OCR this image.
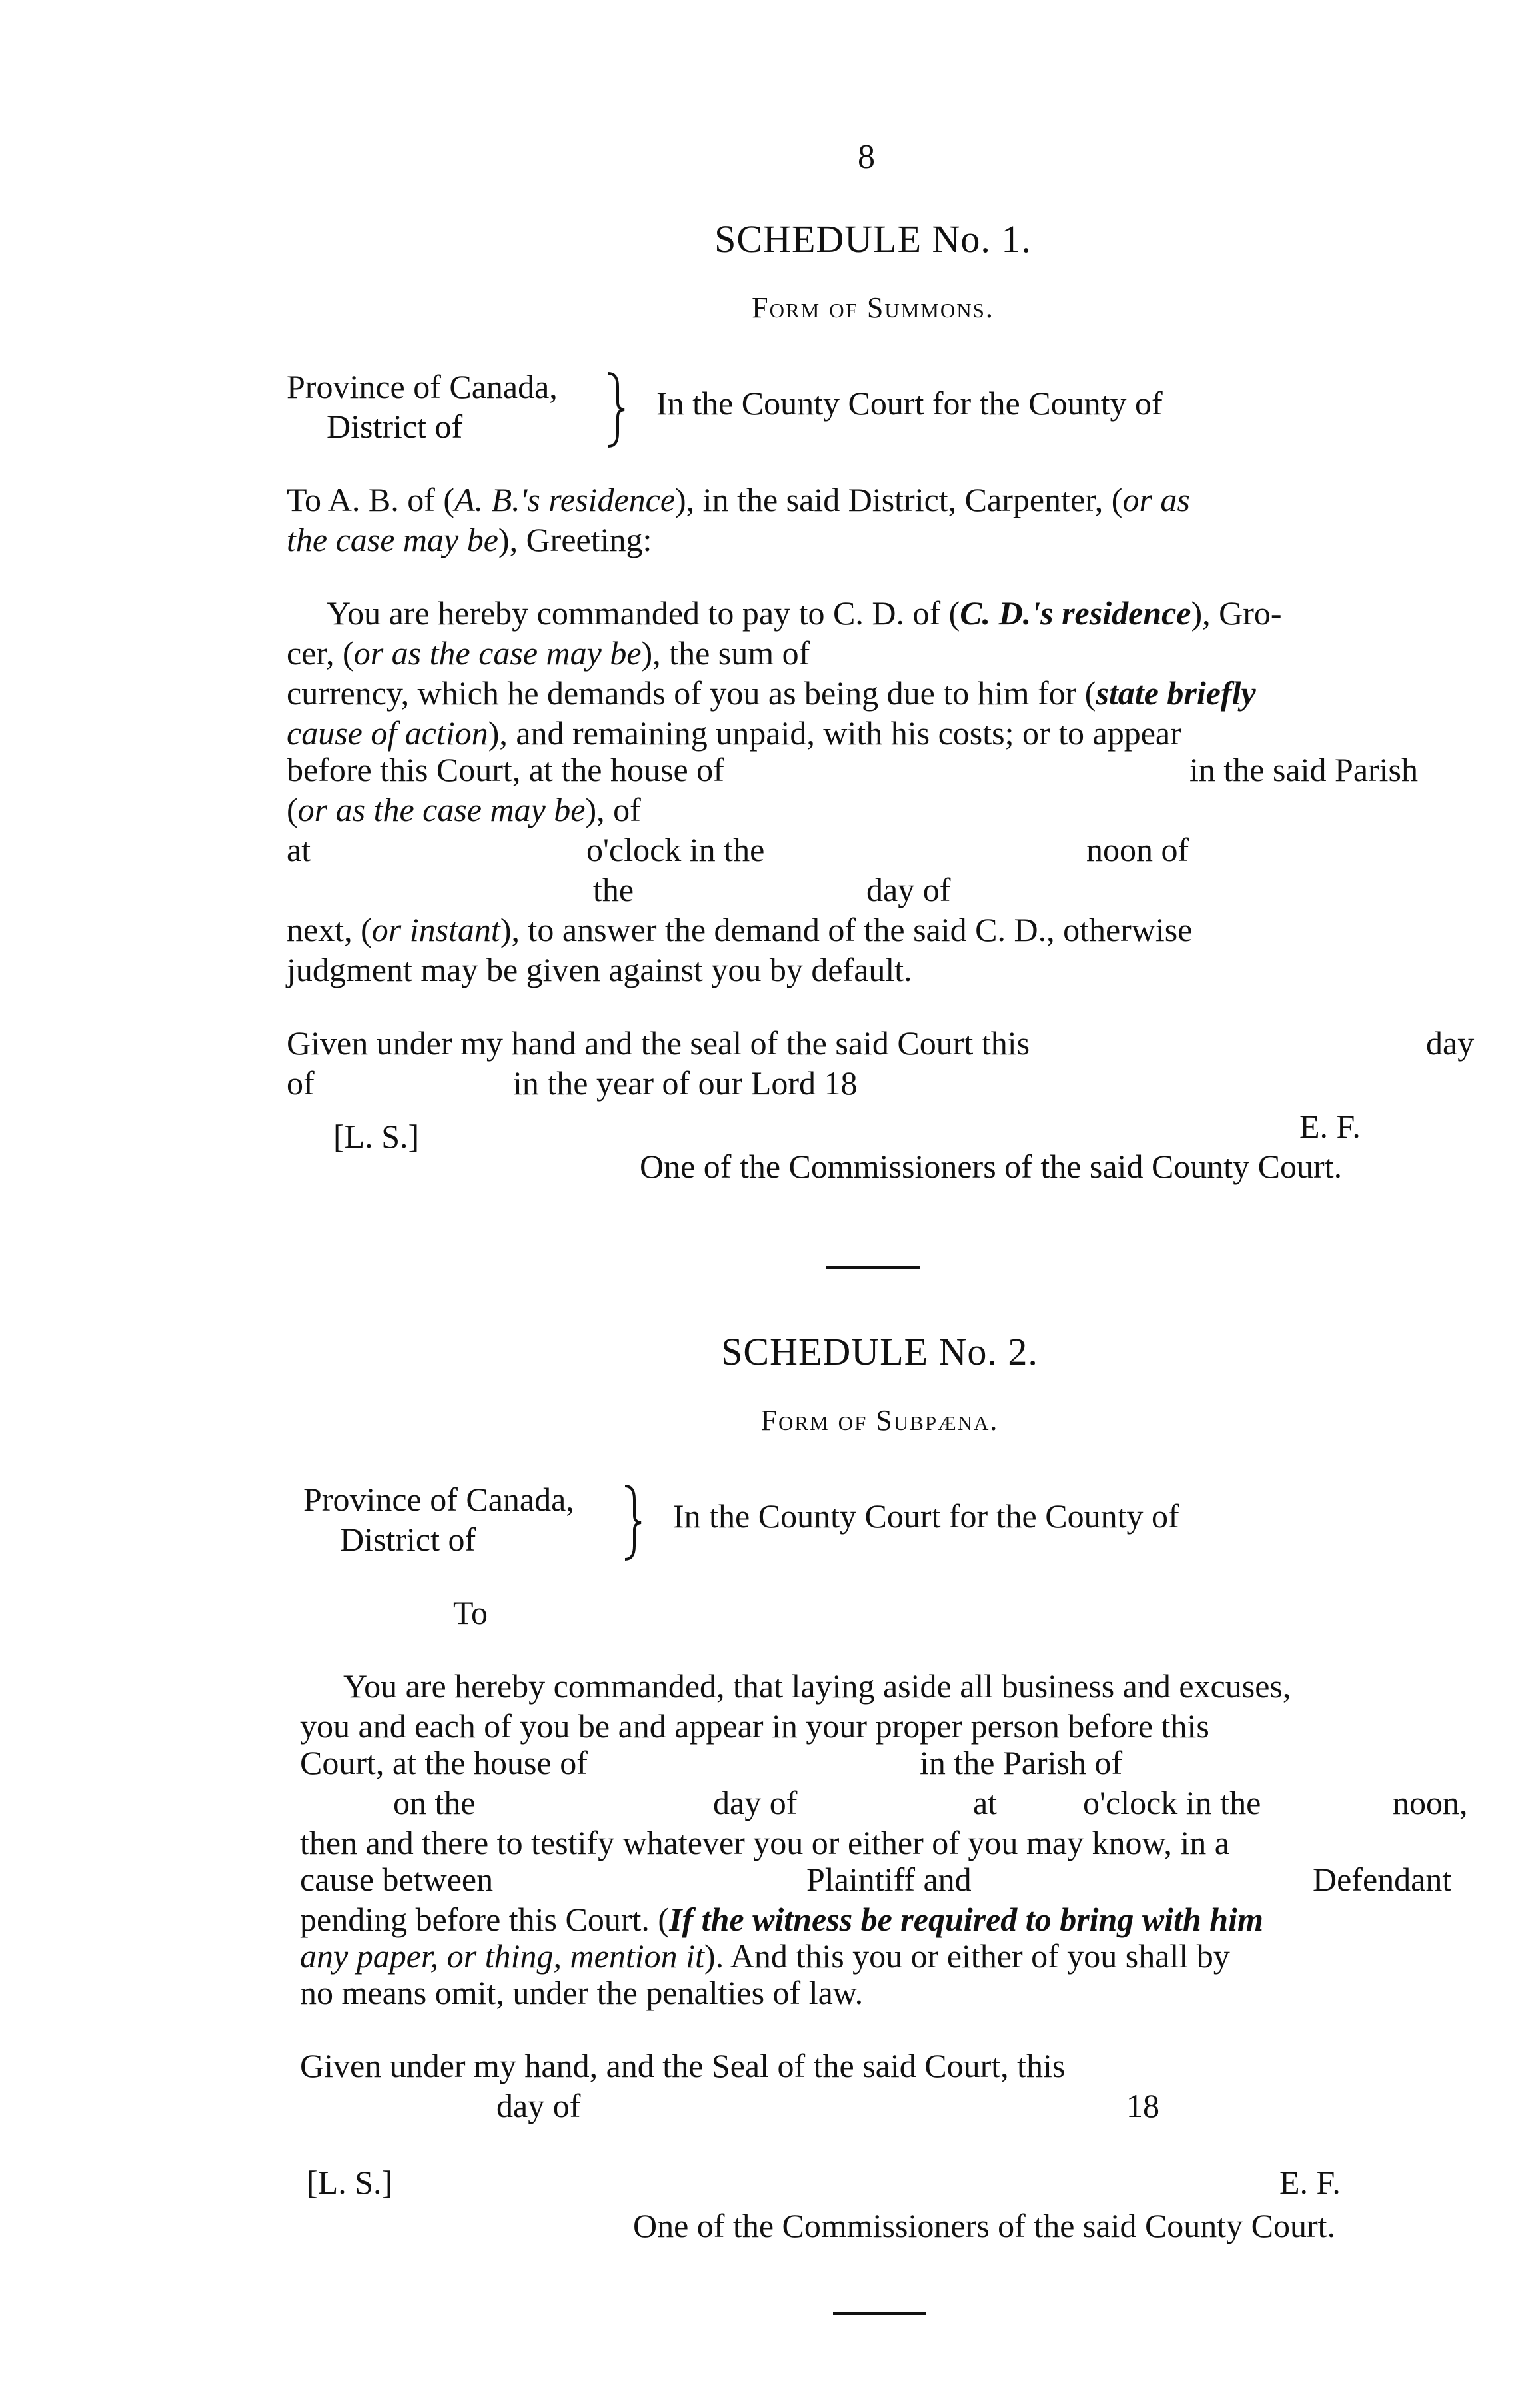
8
SCHEDULE No. 1.
Form of Summons.
Province of Canada,
District of
In the County Court for the County of
To A. B. of (A. B.'s residence), in the said District, Carpenter, (or as
the case may be), Greeting:
You are hereby commanded to pay to C. D. of (C. D.'s residence), Gro-
cer, (or as the case may be), the sum of
currency, which he demands of you as being due to him for (state briefly
cause of action), and remaining unpaid, with his costs; or to appear
before this Court, at the house of	in the said Parish
(or as the case may be), of
at	o'clock in the	noon of
the	day of
next, (or instant), to answer the demand of the said C. D., otherwise
judgment may be given against you by default.
Given under my hand and the seal of the said Court this	day
of	in the year of our Lord 18
[L. S.]	E. F.
One of the Commissioners of the said County Court.
SCHEDULE No. 2.
Form of Subpæna.
Province of Canada,
District of
In the County Court for the County of
To
You are hereby commanded, that laying aside all business and excuses,
you and each of you be and appear in your proper person before this
Court, at the house of	in the Parish of
on the	day of	at	o'clock in the	noon,
then and there to testify whatever you or either of you may know, in a
cause between	Plaintiff and	Defendant
pending before this Court. (If the witness be required to bring with him
any paper, or thing, mention it). And this you or either of you shall by
no means omit, under the penalties of law.
Given under my hand, and the Seal of the said Court, this
day of	18
[L. S.]	E. F.
One of the Commissioners of the said County Court.
